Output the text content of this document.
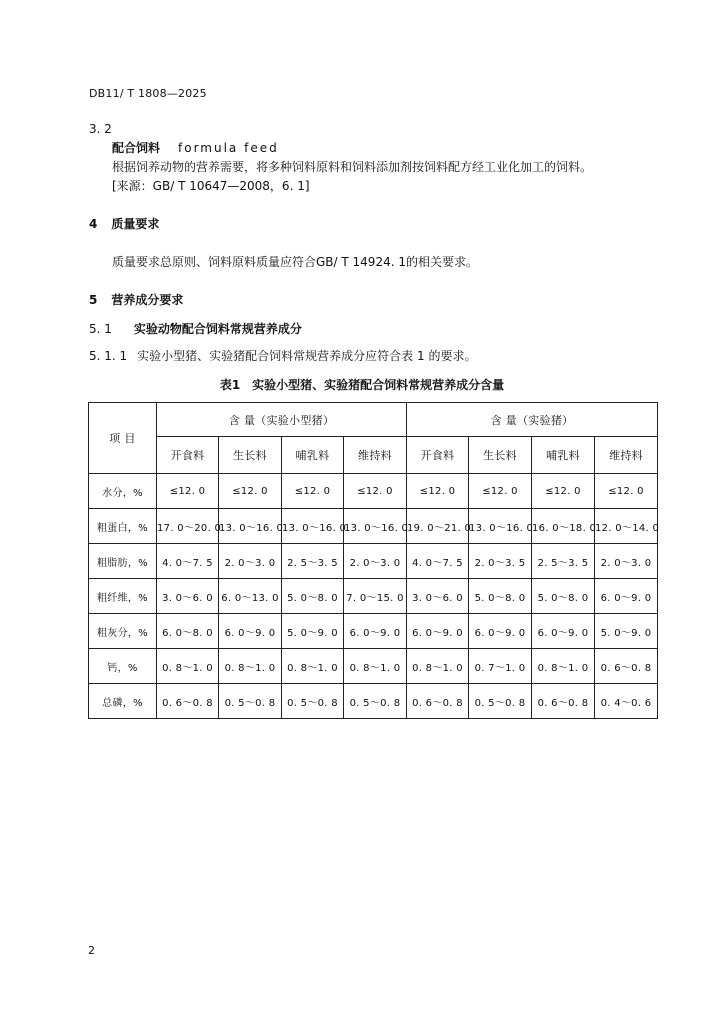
DB11/ T 1808—2025
3. 2
配合饲料 formula feed
根据饲养动物的营养需要，将多种饲料原料和饲料添加剂按饲料配方经工业化加工的饲料。
[来源：GB/ T 10647—2008，6. 1]
4 质量要求
质量要求总原则、饲料原料质量应符合GB/ T 14924. 1的相关要求。
5 营养成分要求
5. 1 实验动物配合饲料常规营养成分
5. 1. 1 实验小型猪、实验猪配合饲料常规营养成分应符合表 1 的要求。
表1　实验小型猪、实验猪配合饲料常规营养成分含量
项 目	含 量（实验小型猪）				含 量（实验猪）			
	开食料	生长料	哺乳料	维持料	开食料	生长料	哺乳料	维持料
水分，%	≤12. 0	≤12. 0	≤12. 0	≤12. 0	≤12. 0	≤12. 0	≤12. 0	≤12. 0
粗蛋白，%	17. 0～20. 0	13. 0～16. 0	13. 0～16. 0	13. 0～16. 0	19. 0～21. 0	13. 0～16. 0	16. 0～18. 0	12. 0～14. 0
粗脂肪，%	4. 0～7. 5	2. 0～3. 0	2. 5～3. 5	2. 0～3. 0	4. 0～7. 5	2. 0～3. 5	2. 5～3. 5	2. 0～3. 0
粗纤维，%	3. 0～6. 0	6. 0～13. 0	5. 0～8. 0	7. 0～15. 0	3. 0～6. 0	5. 0～8. 0	5. 0～8. 0	6. 0～9. 0
粗灰分，%	6. 0～8. 0	6. 0～9. 0	5. 0～9. 0	6. 0～9. 0	6. 0～9. 0	6. 0～9. 0	6. 0～9. 0	5. 0～9. 0
钙，%	0. 8～1. 0	0. 8～1. 0	0. 8～1. 0	0. 8～1. 0	0. 8～1. 0	0. 7～1. 0	0. 8～1. 0	0. 6～0. 8
总磷，%	0. 6～0. 8	0. 5～0. 8	0. 5～0. 8	0. 5～0. 8	0. 6～0. 8	0. 5～0. 8	0. 6～0. 8	0. 4～0. 6
2
